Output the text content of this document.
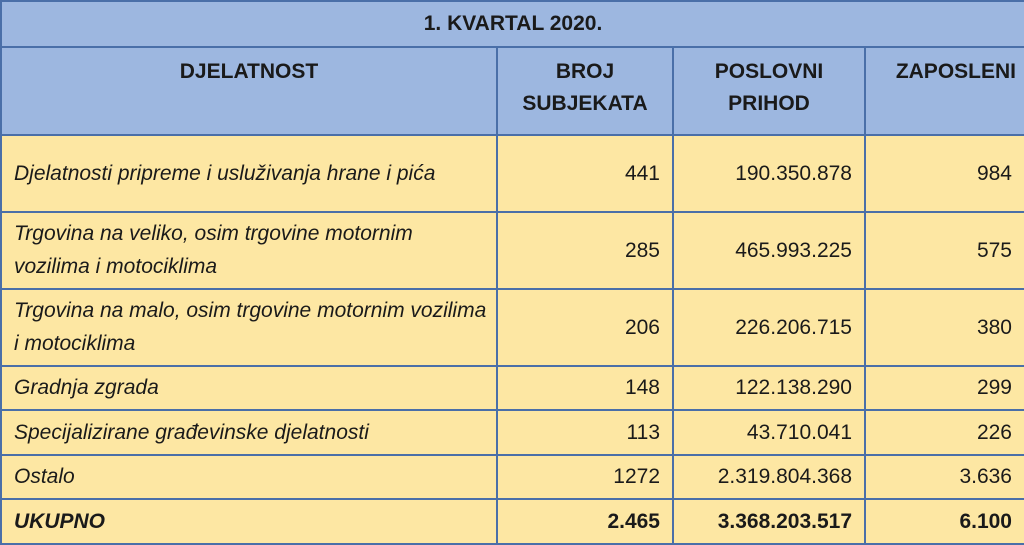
1. KVARTAL 2020.			
DJELATNOST	BROJ SUBJEKATA	POSLOVNI PRIHOD	ZAPOSLENI
Djelatnosti pripreme i usluživanja hrane i pića	441	190.350.878	984
Trgovina na veliko, osim trgovine motornim vozilima i motociklima	285	465.993.225	575
Trgovina na malo, osim trgovine motornim vozilima i motociklima	206	226.206.715	380
Gradnja zgrada	148	122.138.290	299
Specijalizirane građevinske djelatnosti	113	43.710.041	226
Ostalo	1272	2.319.804.368	3.636
UKUPNO	2.465	3.368.203.517	6.100
